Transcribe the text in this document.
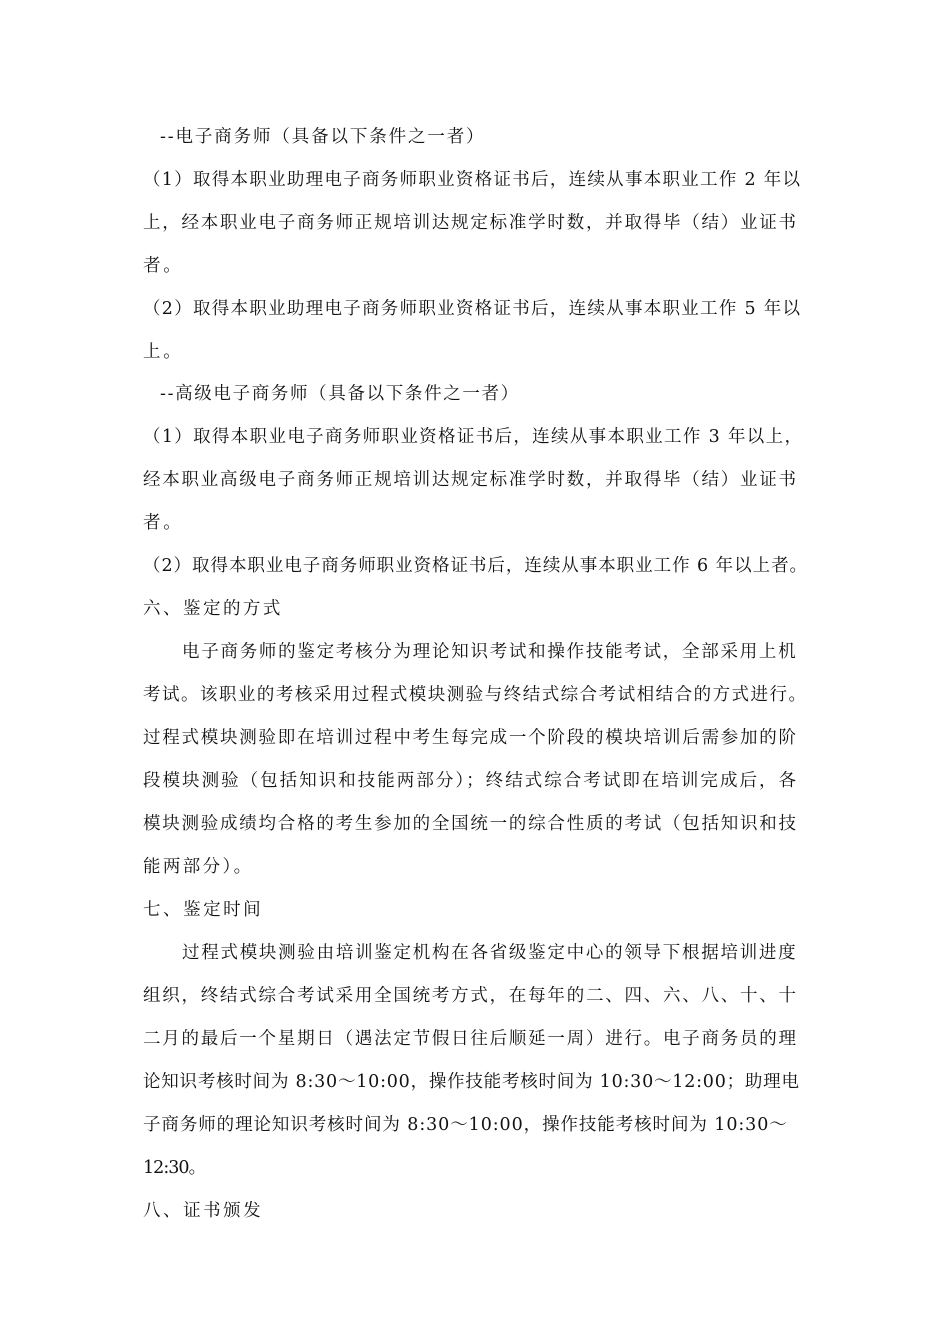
--电子商务师（具备以下条件之一者）

（1）取得本职业助理电子商务师职业资格证书后，连续从事本职业工作 2 年以

上，经本职业电子商务师正规培训达规定标准学时数，并取得毕（结）业证书

者。

（2）取得本职业助理电子商务师职业资格证书后，连续从事本职业工作 5 年以

上。

--高级电子商务师（具备以下条件之一者）

（1）取得本职业电子商务师职业资格证书后，连续从事本职业工作 3 年以上，

经本职业高级电子商务师正规培训达规定标准学时数，并取得毕（结）业证书

者。

（2）取得本职业电子商务师职业资格证书后，连续从事本职业工作 6 年以上者。

六、鉴定的方式

电子商务师的鉴定考核分为理论知识考试和操作技能考试，全部采用上机

考试。该职业的考核采用过程式模块测验与终结式综合考试相结合的方式进行。

过程式模块测验即在培训过程中考生每完成一个阶段的模块培训后需参加的阶

段模块测验（包括知识和技能两部分）；终结式综合考试即在培训完成后，各

模块测验成绩均合格的考生参加的全国统一的综合性质的考试（包括知识和技

能两部分）。

七、鉴定时间

过程式模块测验由培训鉴定机构在各省级鉴定中心的领导下根据培训进度

组织，终结式综合考试采用全国统考方式，在每年的二、四、六、八、十、十

二月的最后一个星期日（遇法定节假日往后顺延一周）进行。电子商务员的理

论知识考核时间为 8:30～10:00，操作技能考核时间为 10:30～12:00；助理电

子商务师的理论知识考核时间为 8:30～10:00，操作技能考核时间为 10:30～

12:30。

八、证书颁发
